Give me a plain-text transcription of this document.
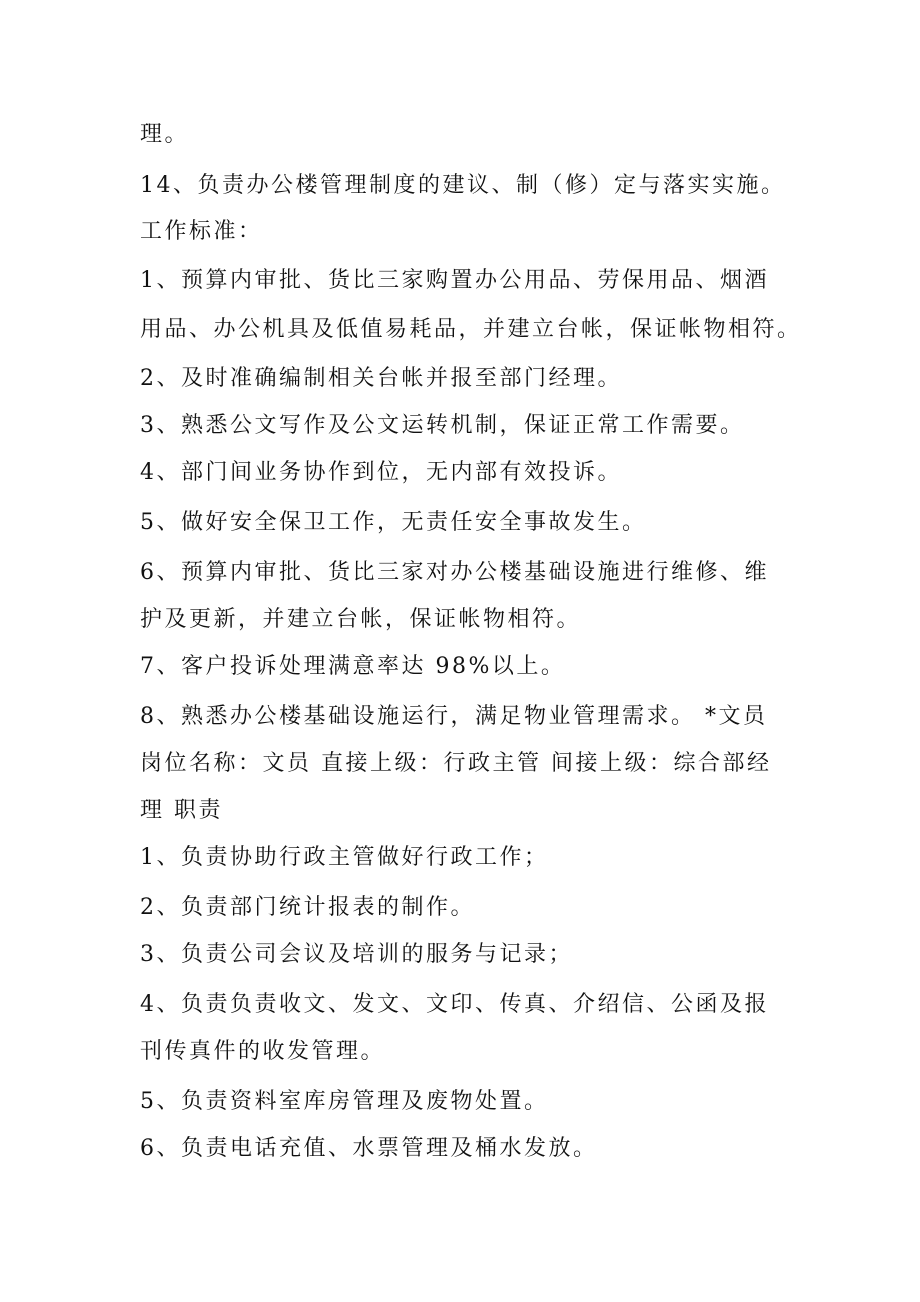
理。
14、负责办公楼管理制度的建议、制（修）定与落实实施。
工作标准：
1、预算内审批、货比三家购置办公用品、劳保用品、烟酒
用品、办公机具及低值易耗品，并建立台帐，保证帐物相符。
2、及时准确编制相关台帐并报至部门经理。
3、熟悉公文写作及公文运转机制，保证正常工作需要。
4、部门间业务协作到位，无内部有效投诉。
5、做好安全保卫工作，无责任安全事故发生。
6、预算内审批、货比三家对办公楼基础设施进行维修、维
护及更新，并建立台帐，保证帐物相符。
7、客户投诉处理满意率达 98%以上。
8、熟悉办公楼基础设施运行，满足物业管理需求。 *文员
岗位名称：文员 直接上级：行政主管 间接上级：综合部经
理 职责
1、负责协助行政主管做好行政工作；
2、负责部门统计报表的制作。
3、负责公司会议及培训的服务与记录；
4、负责负责收文、发文、文印、传真、介绍信、公函及报
刊传真件的收发管理。
5、负责资料室库房管理及废物处置。
6、负责电话充值、水票管理及桶水发放。
